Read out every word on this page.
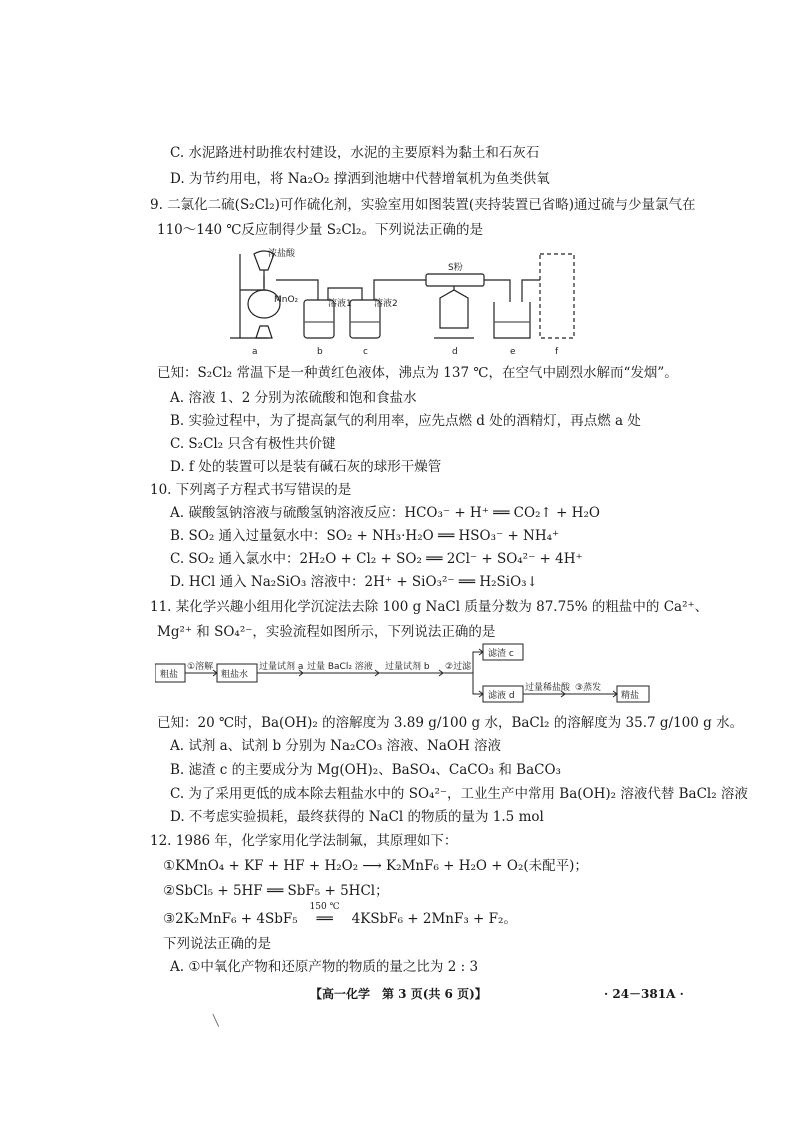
C. 水泥路进村助推农村建设，水泥的主要原料为黏土和石灰石
D. 为节约用电，将 Na₂O₂ 撑洒到池塘中代替增氧机为鱼类供氧
9. 二氯化二硫(S₂Cl₂)可作硫化剂，实验室用如图装置(夹持装置已省略)通过硫与少量氯气在
110～140 ℃反应制得少量 S₂Cl₂。下列说法正确的是
浓盐酸
MnO₂	溶液1 溶液2
S粉
a	b	c	d	e	f
已知：S₂Cl₂ 常温下是一种黄红色液体，沸点为 137 ℃，在空气中剧烈水解而“发烟”。
A. 溶液 1、2 分别为浓硫酸和饱和食盐水
B. 实验过程中，为了提高氯气的利用率，应先点燃 d 处的酒精灯，再点燃 a 处
C. S₂Cl₂ 只含有极性共价键
D. f 处的装置可以是装有碱石灰的球形干燥管
10. 下列离子方程式书写错误的是
A. 碳酸氢钠溶液与硫酸氢钠溶液反应：HCO₃⁻ + H⁺ ══ CO₂↑ + H₂O
B. SO₂ 通入过量氨水中：SO₂ + NH₃·H₂O ══ HSO₃⁻ + NH₄⁺
C. SO₂ 通入氯水中：2H₂O + Cl₂ + SO₂ ══ 2Cl⁻ + SO₄²⁻ + 4H⁺
D. HCl 通入 Na₂SiO₃ 溶液中：2H⁺ + SiO₃²⁻ ══ H₂SiO₃↓
11. 某化学兴趣小组用化学沉淀法去除 100 g NaCl 质量分数为 87.75% 的粗盐中的 Ca²⁺、
Mg²⁺ 和 SO₄²⁻，实验流程如图所示，下列说法正确的是
粗盐
①溶解
粗盐水
过量试剂 a 过量 BaCl₂ 溶液 过量试剂 b ②过滤
滤渣 c
滤液 d
过量稀盐酸 ③蒸发
精盐
已知：20 ℃时，Ba(OH)₂ 的溶解度为 3.89 g/100 g 水，BaCl₂ 的溶解度为 35.7 g/100 g 水。
A. 试剂 a、试剂 b 分别为 Na₂CO₃ 溶液、NaOH 溶液
B. 滤渣 c 的主要成分为 Mg(OH)₂、BaSO₄、CaCO₃ 和 BaCO₃
C. 为了采用更低的成本除去粗盐水中的 SO₄²⁻，工业生产中常用 Ba(OH)₂ 溶液代替 BaCl₂ 溶液
D. 不考虑实验损耗，最终获得的 NaCl 的物质的量为 1.5 mol
12. 1986 年，化学家用化学法制氟，其原理如下：
①KMnO₄ + KF + HF + H₂O₂ ⟶ K₂MnF₆ + H₂O + O₂(未配平)；
②SbCl₅ + 5HF ══ SbF₅ + 5HCl；
③2K₂MnF₆ + 4SbF₅
150 ℃
══ 4KSbF₆ + 2MnF₃ + F₂。
下列说法正确的是
A. ①中氧化产物和还原产物的物质的量之比为 2 : 3
【高一化学　第 3 页(共 6 页)】	· 24－381A ·
